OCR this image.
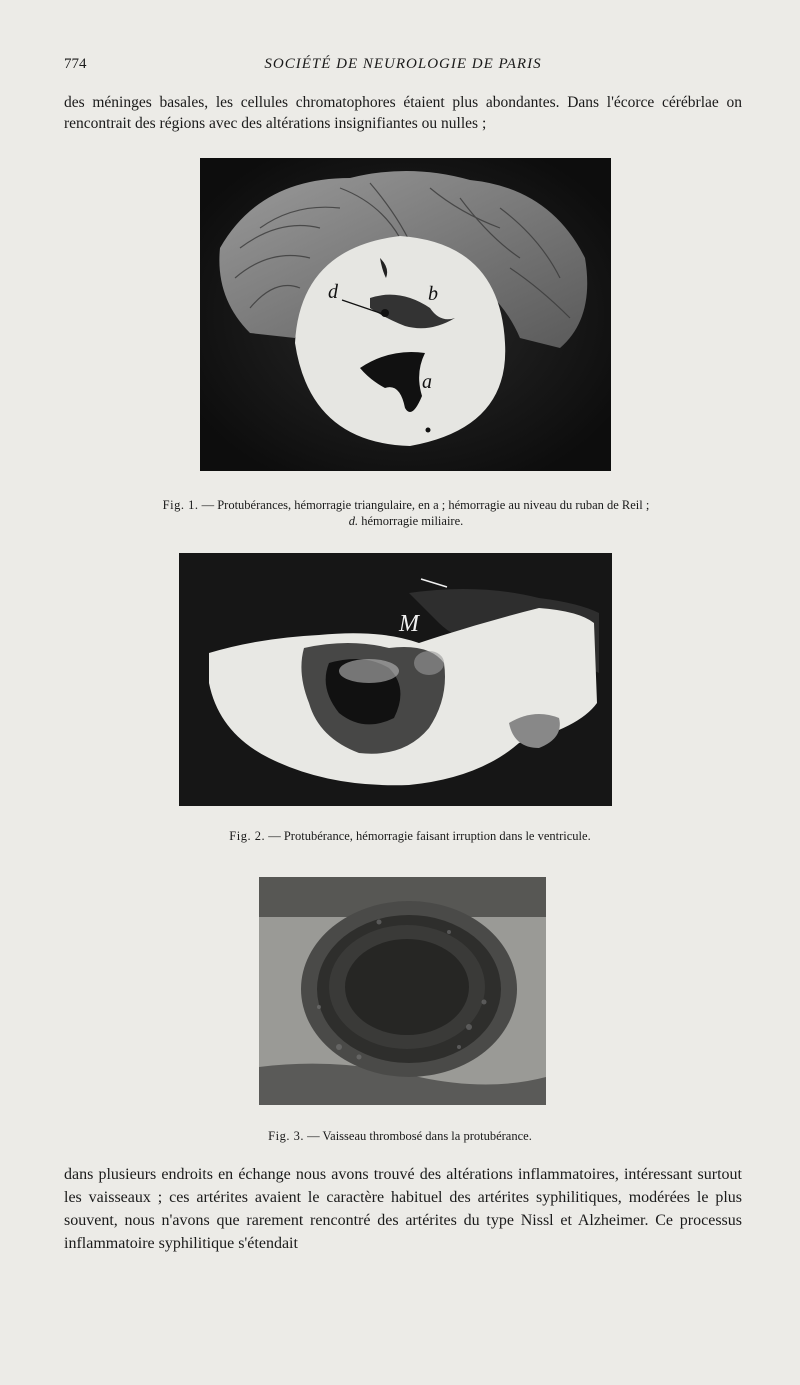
774	SOCIÉTÉ DE NEUROLOGIE DE PARIS

des méninges basales, les cellules chromatophores étaient plus abondantes. Dans l'écorce cérébrlae on rencontrait des régions avec des altérations insignifiantes ou nulles ;

d	b
a
Fig. 1. — Protubérances, hémorragie triangulaire, en a ; hémorragie au niveau du ruban de Reil ;
d. hémorragie miliaire.
M
Fig. 2. — Protubérance, hémorragie faisant irruption dans le ventricule.
Fig. 3. — Vaisseau thrombosé dans la protubérance.

dans plusieurs endroits en échange nous avons trouvé des altérations inflammatoires, intéressant surtout les vaisseaux ; ces artérites avaient le caractère habituel des artérites syphilitiques, modérées le plus souvent, nous n'avons que rarement rencontré des artérites du type Nissl et Alzheimer. Ce processus inflammatoire syphilitique s'étendait
